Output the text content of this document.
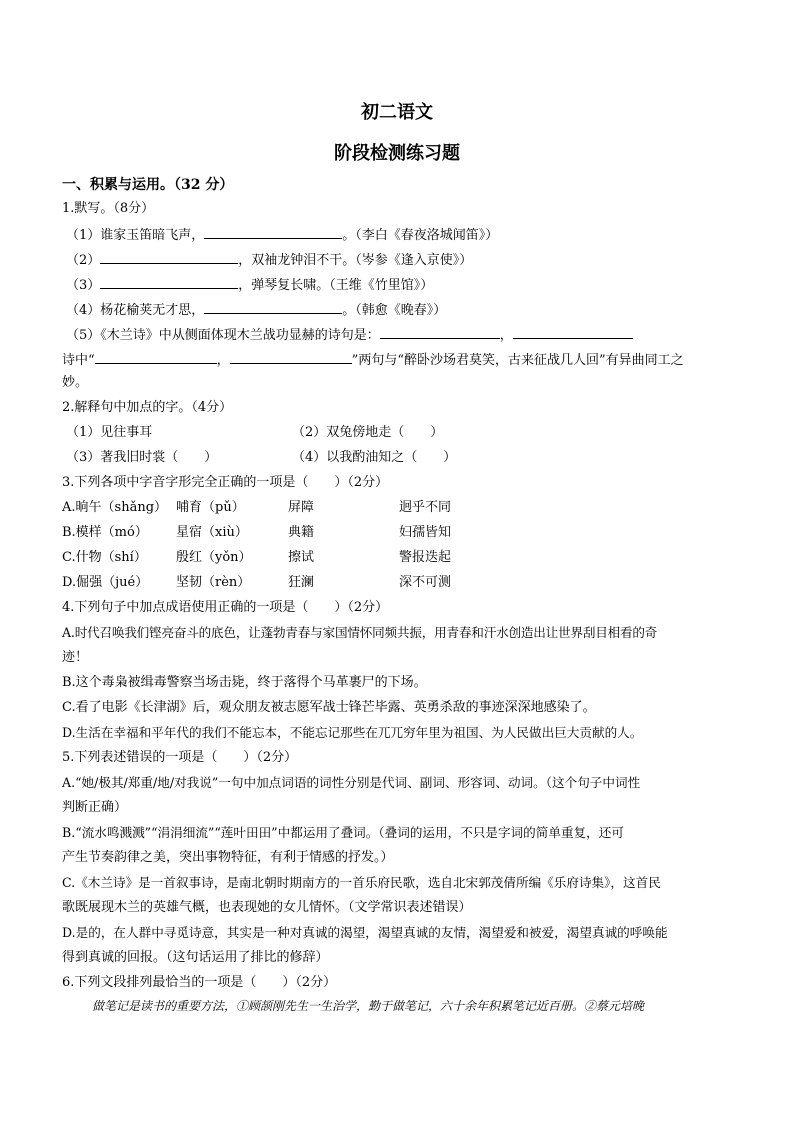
初二语文
阶段检测练习题
一、积累与运用。（32 分）
1.默写。（8分）
（1）谁家玉笛暗飞声，	。（李白《春夜洛城闻笛》）
（2）	，双袖龙钟泪不干。（岑参《逢入京使》）
（3）	，弹琴复长啸。（王维《竹里馆》）
（4）杨花榆荚无才思，	。（韩愈《晚春》）
（5）《木兰诗》中从侧面体现木兰战功显赫的诗句是：	，
诗中“	，	”两句与“醉卧沙场君莫笑，古来征战几人回”有异曲同工之
妙。
2.解释句中加点的字。（4分）
（1）见往事耳	（2）双兔傍地走（　　）
（3）著我旧时裳（　　）	（4）以我酌油知之（　　）
3.下列各项中字音字形完全正确的一项是（　　）（2分）
A.晌午（shǎng） 哺育（pǔ）	屏障	迥乎不同
B.模样（mó） 星宿（xiù）	典籍	妇孺皆知
C.什物（shí） 殷红（yǒn）	擦试	警报迭起
D.倔强（jué） 坚韧（rèn）	狂澜	深不可测
4.下列句子中加点成语使用正确的一项是（　　）（2分）
A.时代召唤我们铿亮奋斗的底色，让蓬勃青春与家国情怀同频共振，用青春和汗水创造出让世界刮目相看的奇
迹！
B.这个毒枭被缉毒警察当场击毙，终于落得个马革裹尸的下场。
C.看了电影《长津湖》后，观众朋友被志愿军战士锋芒毕露、英勇杀敌的事迹深深地感染了。
D.生活在幸福和平年代的我们不能忘本，不能忘记那些在兀兀穷年里为祖国、为人民做出巨大贡献的人。
5.下列表述错误的一项是（　　）（2分）
A.“她/极其/郑重/地/对我说”一句中加点词语的词性分别是代词、副词、形容词、动词。（这个句子中词性
判断正确）
B.“流水鸣溅溅”“涓涓细流”“莲叶田田”中都运用了叠词。（叠词的运用，不只是字词的简单重复，还可
产生节奏韵律之美，突出事物特征，有利于情感的抒发。）
C.《木兰诗》是一首叙事诗，是南北朝时期南方的一首乐府民歌，选自北宋郭茂倩所编《乐府诗集》，这首民
歌既展现木兰的英雄气概，也表现她的女儿情怀。（文学常识表述错误）
D.是的，在人群中寻觅诗意，其实是一种对真诚的渴望，渴望真诚的友情，渴望爱和被爱，渴望真诚的呼唤能
得到真诚的回报。（这句话运用了排比的修辞）
6.下列文段排列最恰当的一项是（　　）（2分）
做笔记是读书的重要方法，①顾颉刚先生一生治学，勤于做笔记，六十余年积累笔记近百册。②蔡元培晚
